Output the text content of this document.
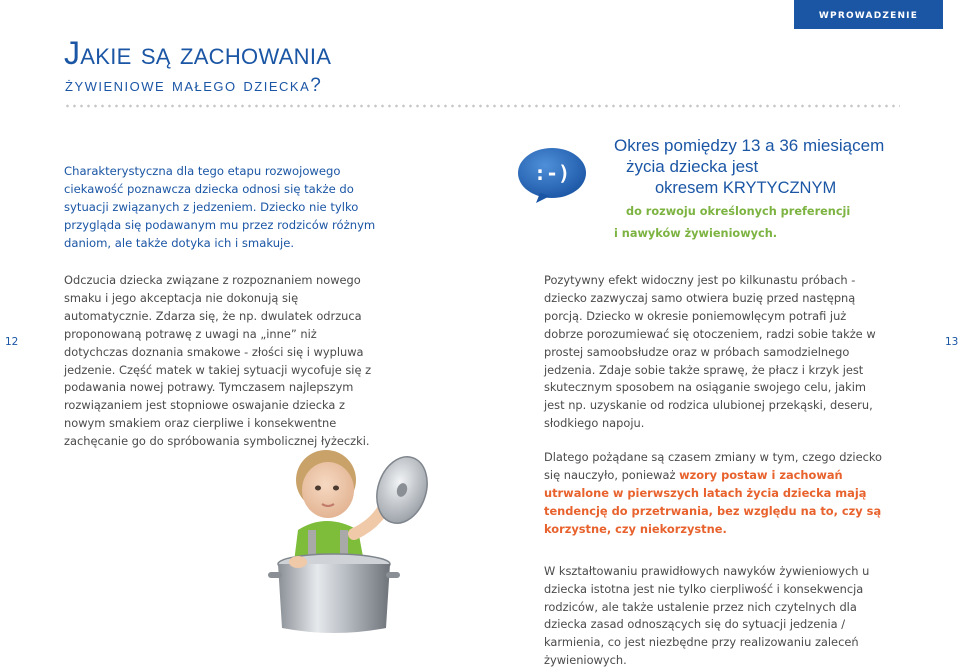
WPROWADZENIE
Jakie są zachowania
żywieniowe małego dziecka?

Charakterystyczna dla tego etapu rozwojowego ciekawość poznawcza dziecka odnosi się także do sytuacji związanych z jedzeniem. Dziecko nie tylko przygląda się podawanym mu przez rodziców różnym daniom, ale także dotyka ich i smakuje.

:-)
Okres pomiędzy 13 a 36 miesiącem
życia dziecka jest
okresem KRYTYCZNYM
do rozwoju określonych preferencji
i nawyków żywieniowych.

Odczucia dziecka związane z rozpoznaniem nowego smaku i jego akceptacja nie dokonują się automatycznie. Zdarza się, że np. dwulatek odrzuca proponowaną potrawę z uwagi na „inne” niż dotychczas doznania smakowe - złości się i wypluwa jedzenie. Część matek w takiej sytuacji wycofuje się z podawania nowej potrawy. Tymczasem najlepszym rozwiązaniem jest stopniowe oswajanie dziecka z nowym smakiem oraz cierpliwe i konsekwentne zachęcanie go do spróbowania symbolicznej łyżeczki.

Pozytywny efekt widoczny jest po kilkunastu próbach - dziecko zazwyczaj samo otwiera buzię przed następną porcją. Dziecko w okresie poniemowlęcym potrafi już dobrze porozumiewać się otoczeniem, radzi sobie także w prostej samoobsłudze oraz w próbach samodzielnego jedzenia. Zdaje sobie także sprawę, że płacz i krzyk jest skutecznym sposobem na osiąganie swojego celu, jakim jest np. uzyskanie od rodzica ulubionej przekąski, deseru, słodkiego napoju.

Dlatego pożądane są czasem zmiany w tym, czego dziecko się nauczyło, ponieważ wzory postaw i zachowań utrwalone w pierwszych latach życia dziecka mają tendencję do przetrwania, bez względu na to, czy są korzystne, czy niekorzystne.

W kształtowaniu prawidłowych nawyków żywieniowych u dziecka istotna jest nie tylko cierpliwość i konsekwencja rodziców, ale także ustalenie przez nich czytelnych dla dziecka zasad odnoszących się do sytuacji jedzenia / karmienia, co jest niezbędne przy realizowaniu zaleceń żywieniowych.

12	13
